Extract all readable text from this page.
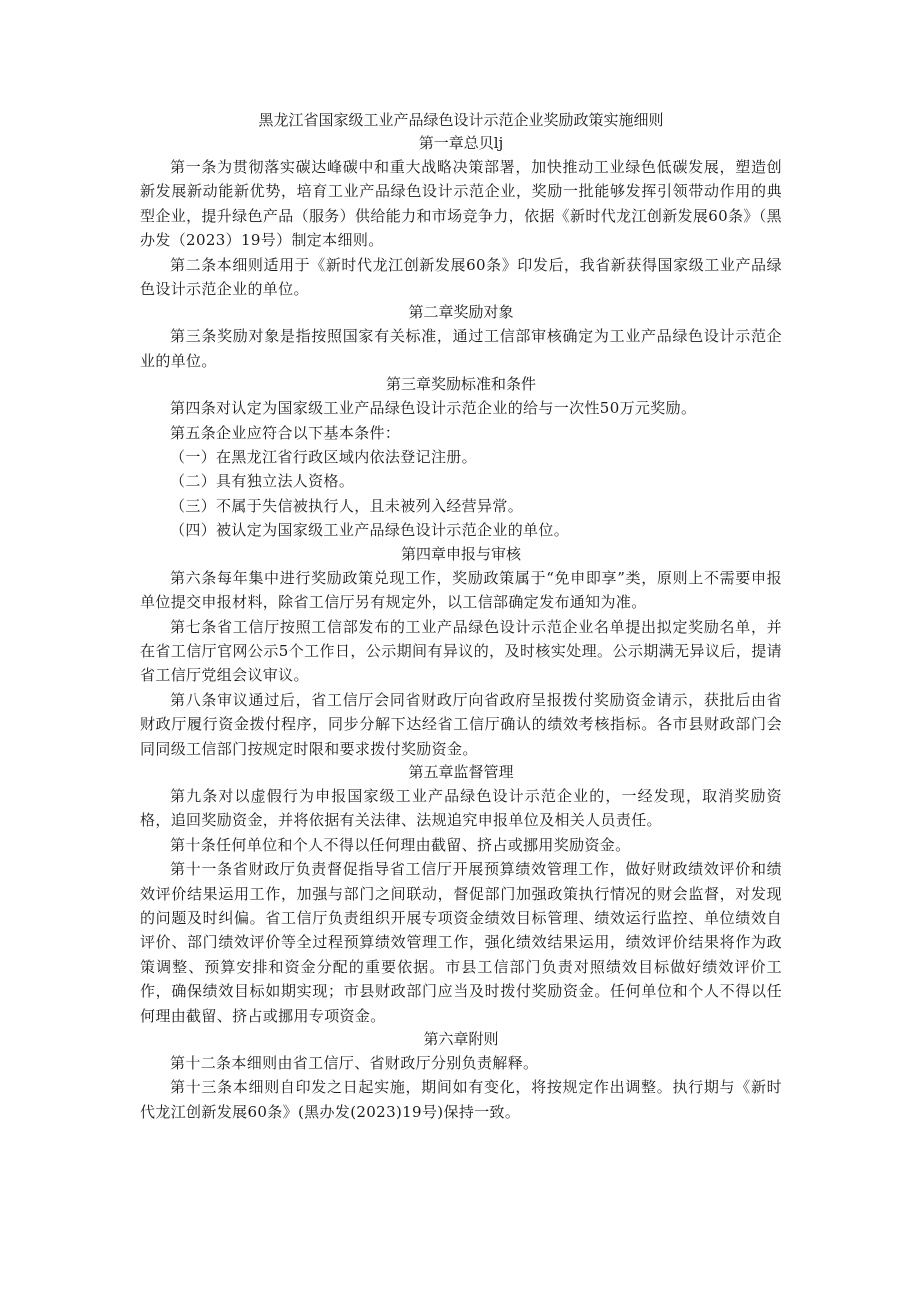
黑龙江省国家级工业产品绿色设计示范企业奖励政策实施细则
第一章总贝lj

第一条为贯彻落实碳达峰碳中和重大战略决策部署，加快推动工业绿色低碳发展，塑造创新发展新动能新优势，培育工业产品绿色设计示范企业，奖励一批能够发挥引领带动作用的典型企业，提升绿色产品（服务）供给能力和市场竞争力，依据《新时代龙江创新发展60条》（黑办发（2023）19号）制定本细则。

第二条本细则适用于《新时代龙江创新发展60条》印发后，我省新获得国家级工业产品绿色设计示范企业的单位。

第二章奖励对象

第三条奖励对象是指按照国家有关标准，通过工信部审核确定为工业产品绿色设计示范企业的单位。

第三章奖励标准和条件

第四条对认定为国家级工业产品绿色设计示范企业的给与一次性50万元奖励。

第五条企业应符合以下基本条件：

（一）在黑龙江省行政区域内依法登记注册。

（二）具有独立法人资格。

（三）不属于失信被执行人，且未被列入经营异常。

（四）被认定为国家级工业产品绿色设计示范企业的单位。

第四章申报与审核

第六条每年集中进行奖励政策兑现工作，奖励政策属于“免申即享”类，原则上不需要申报单位提交申报材料，除省工信厅另有规定外，以工信部确定发布通知为准。

第七条省工信厅按照工信部发布的工业产品绿色设计示范企业名单提出拟定奖励名单，并在省工信厅官网公示5个工作日，公示期间有异议的，及时核实处理。公示期满无异议后，提请省工信厅党组会议审议。

第八条审议通过后，省工信厅会同省财政厅向省政府呈报拨付奖励资金请示，获批后由省财政厅履行资金拨付程序，同步分解下达经省工信厅确认的绩效考核指标。各市县财政部门会同同级工信部门按规定时限和要求拨付奖励资金。

第五章监督管理

第九条对以虚假行为申报国家级工业产品绿色设计示范企业的，一经发现，取消奖励资格，追回奖励资金，并将依据有关法律、法规追究申报单位及相关人员责任。

第十条任何单位和个人不得以任何理由截留、挤占或挪用奖励资金。

第十一条省财政厅负责督促指导省工信厅开展预算绩效管理工作，做好财政绩效评价和绩效评价结果运用工作，加强与部门之间联动，督促部门加强政策执行情况的财会监督，对发现的问题及时纠偏。省工信厅负责组织开展专项资金绩效目标管理、绩效运行监控、单位绩效自评价、部门绩效评价等全过程预算绩效管理工作，强化绩效结果运用，绩效评价结果将作为政策调整、预算安排和资金分配的重要依据。市县工信部门负责对照绩效目标做好绩效评价工作，确保绩效目标如期实现；市县财政部门应当及时拨付奖励资金。任何单位和个人不得以任何理由截留、挤占或挪用专项资金。

第六章附则

第十二条本细则由省工信厅、省财政厅分别负责解释。

第十三条本细则自印发之日起实施，期间如有变化，将按规定作出调整。执行期与《新时代龙江创新发展60条》(黑办发(2023)19号)保持一致。
